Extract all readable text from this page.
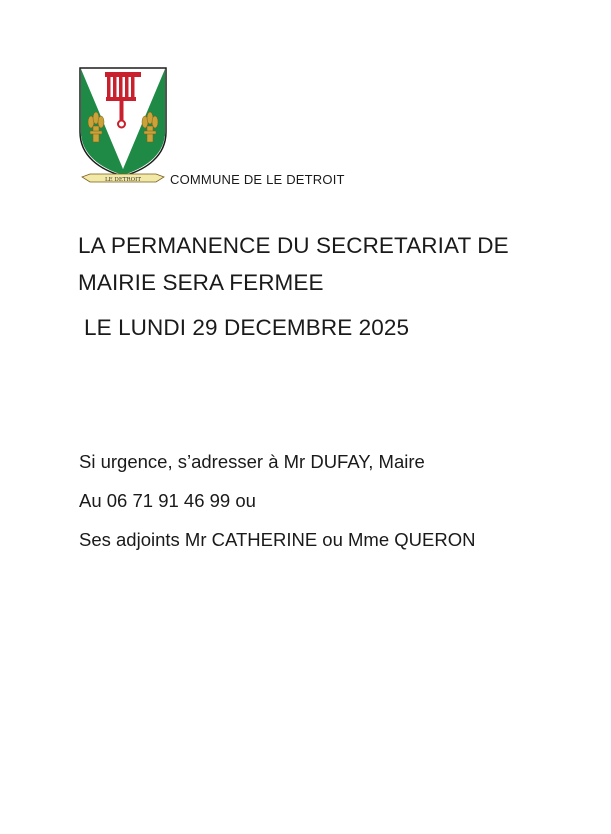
LE DETROIT COMMUNE DE LE DETROIT
LA PERMANENCE DU SECRETARIAT DE
MAIRIE SERA FERMEE
LE LUNDI 29 DECEMBRE 2025
Si urgence, s’adresser à Mr DUFAY, Maire
Au 06 71 91 46 99 ou
Ses adjoints Mr CATHERINE ou Mme QUERON
